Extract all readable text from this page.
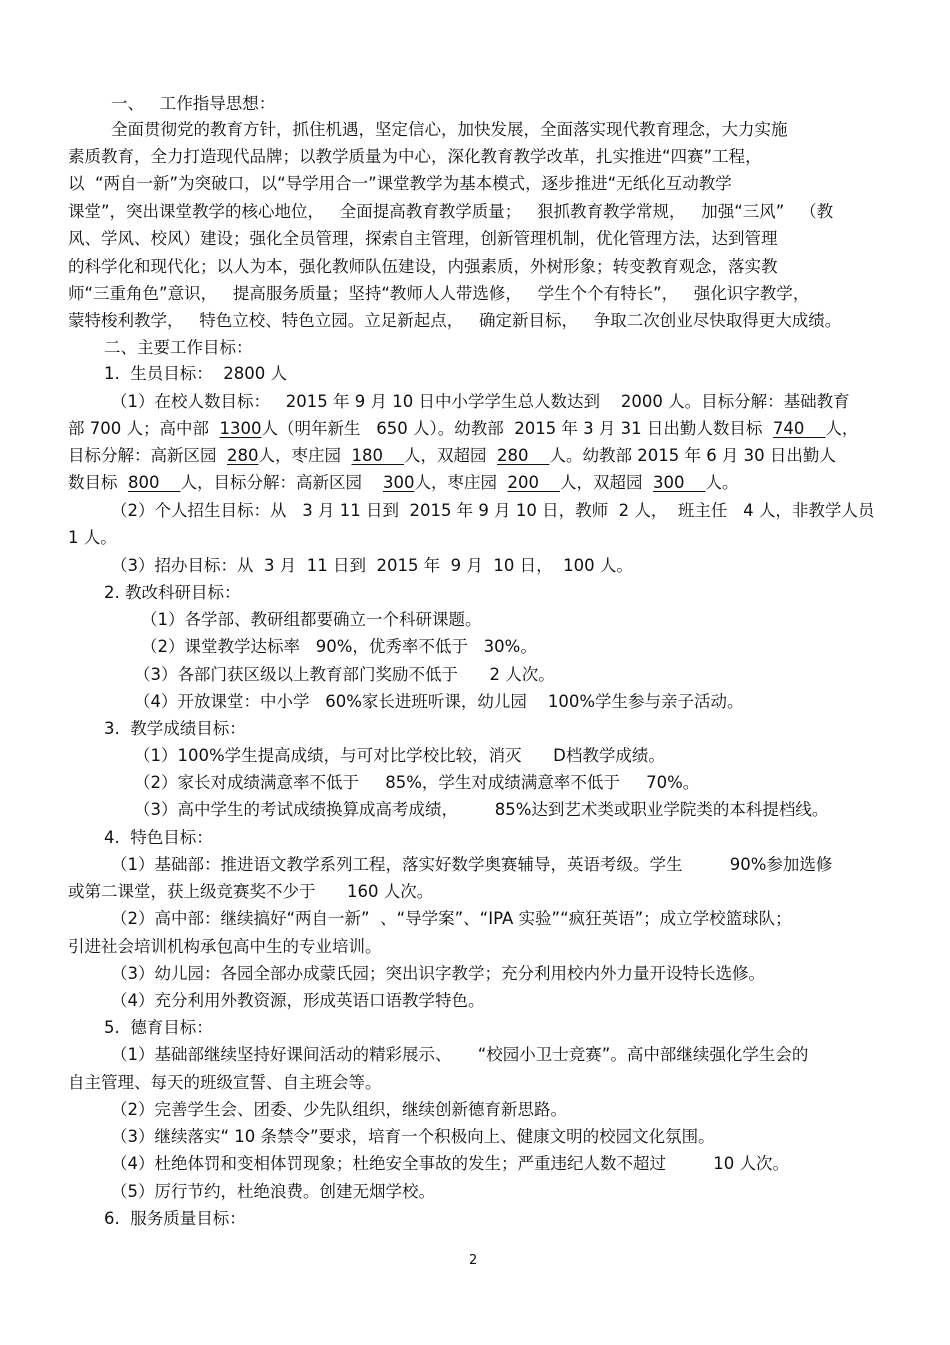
一、   工作指导思想：
全面贯彻党的教育方针，抓住机遇，坚定信心，加快发展，全面落实现代教育理念，大力实施
素质教育，全力打造现代品牌；以教学质量为中心，深化教育教学改革，扎实推进“四赛”工程，
以  “两自一新”为突破口，以“导学用合一”课堂教学为基本模式，逐步推进“无纸化互动教学
课堂”，突出课堂教学的核心地位，   全面提高教育教学质量；   狠抓教育教学常规，   加强“三风”   （教
风、学风、校风）建设；强化全员管理，探索自主管理，创新管理机制，优化管理方法，达到管理
的科学化和现代化；以人为本，强化教师队伍建设，内强素质，外树形象；转变教育观念，落实教
师“三重角色”意识，   提高服务质量；坚持“教师人人带选修，   学生个个有特长”，   强化识字教学，
蒙特梭利教学，   特色立校、特色立园。立足新起点，   确定新目标，   争取二次创业尽快取得更大成绩。
二、主要工作目标：
1.  生员目标：  2800 人
（1）在校人数目标：   2015 年 9 月 10 日中小学学生总人数达到    2000 人。目标分解：基础教育
部 700 人；高中部  1300人（明年新生   650 人）。幼教部  2015 年 3 月 31 日出勤人数目标  740    人，
目标分解：高新区园  280人，枣庄园  180    人，双超园  280    人。幼教部 2015 年 6 月 30 日出勤人
数目标  800    人，目标分解：高新区园    300人，枣庄园  200    人，双超园  300    人。
（2）个人招生目标：从   3 月 11 日到  2015 年 9 月 10 日，教师  2 人，  班主任   4 人，非教学人员
1 人。
（3）招办目标：从  3 月  11 日到  2015 年  9 月  10 日，  100 人。
2. 教改科研目标：
（1）各学部、教研组都要确立一个科研课题。
（2）课堂教学达标率   90%，优秀率不低于   30%。
（3）各部门获区级以上教育部门奖励不低于      2 人次。
（4）开放课堂：中小学   60%家长进班听课，幼儿园    100%学生参与亲子活动。
3.  教学成绩目标：
（1）100%学生提高成绩，与可对比学校比较，消灭      D档教学成绩。
（2）家长对成绩满意率不低于     85%，学生对成绩满意率不低于     70%。
（3）高中学生的考试成绩换算成高考成绩，       85%达到艺术类或职业学院类的本科提档线。
4.  特色目标：
（1）基础部：推进语文教学系列工程，落实好数学奥赛辅导，英语考级。学生         90%参加选修
或第二课堂，获上级竞赛奖不少于      160 人次。
（2）高中部：继续搞好“两自一新”  、“导学案”、“IPA 实验”“疯狂英语”；成立学校篮球队；
引进社会培训机构承包高中生的专业培训。
（3）幼儿园：各园全部办成蒙氏园；突出识字教学；充分利用校内外力量开设特长选修。
（4）充分利用外教资源，形成英语口语教学特色。
5.  德育目标：
（1）基础部继续坚持好课间活动的精彩展示、     “校园小卫士竞赛”。高中部继续强化学生会的
自主管理、每天的班级宣誓、自主班会等。
（2）完善学生会、团委、少先队组织，继续创新德育新思路。
（3）继续落实“ 10 条禁令”要求，培育一个积极向上、健康文明的校园文化氛围。
（4）杜绝体罚和变相体罚现象；杜绝安全事故的发生；严重违纪人数不超过         10 人次。
（5）厉行节约，杜绝浪费。创建无烟学校。
6.  服务质量目标：
2
